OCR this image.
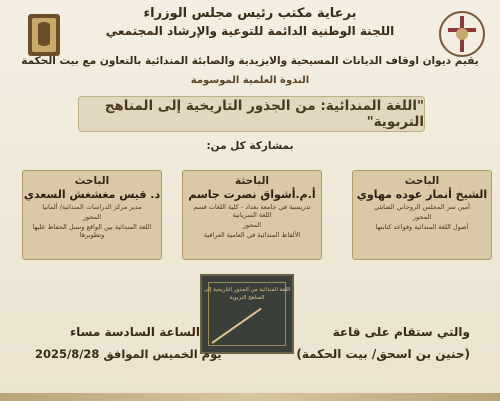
برعاية مكتب رئيس مجلس الوزراء
اللجنة الوطنية الدائمة للتوعية والإرشاد المجتمعي
يقيم ديوان اوقاف الديانات المسيحية والايزيدية والصابئة المندائية بالتعاون مع بيت الحكمة
الندوة العلمية الموسومة
"اللغة المندائية: من الجذور التاريخية إلى المناهج التربوية"
بمشاركة كل من:
الباحث
الشيخ أنمار عوده مهاوي
أمين سر المجلس الروحاني الصابئي
المحور
أصول اللغة المندائية وقواعد كتابتها
الباحثة
أ.م.أشواق نصرت جاسم
تدريسية في جامعة بغداد - كلية اللغات قسم اللغة السريانية
المحور
الألفاظ المندائية في العامية العراقية
الباحث
د. قيس مغشغش السعدي
مدير مركز الدراسات المندائية/ ألمانيا
المحور
اللغة المندائية بين الواقع وسبل الحفاظ عليها وتطويرها
اللغة المندائية من الجذور التاريخية إلى المناهج التربوية
والتي ستقام على قاعة
(حنين بن اسحق/ بيت الحكمة)
الساعة السادسة مساء
يوم الخميس الموافق 2025/8/28
